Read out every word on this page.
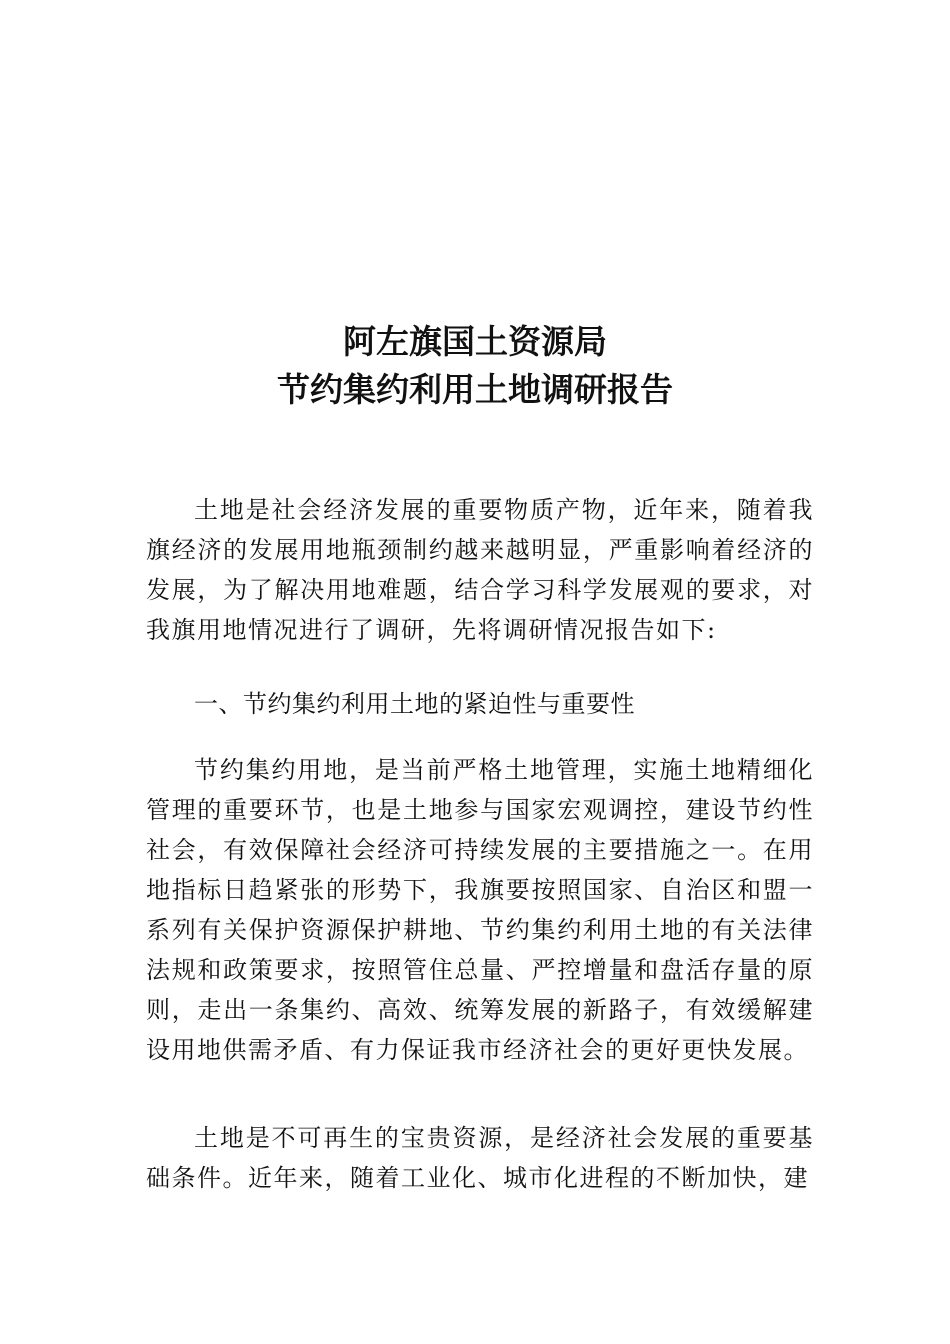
阿左旗国土资源局
节约集约利用土地调研报告

土地是社会经济发展的重要物质产物，近年来，随着我旗经济的发展用地瓶颈制约越来越明显，严重影响着经济的发展，为了解决用地难题，结合学习科学发展观的要求，对我旗用地情况进行了调研，先将调研情况报告如下:

一、节约集约利用土地的紧迫性与重要性

节约集约用地，是当前严格土地管理，实施土地精细化管理的重要环节，也是土地参与国家宏观调控，建设节约性社会，有效保障社会经济可持续发展的主要措施之一。在用地指标日趋紧张的形势下，我旗要按照国家、自治区和盟一系列有关保护资源保护耕地、节约集约利用土地的有关法律法规和政策要求，按照管住总量、严控增量和盘活存量的原则，走出一条集约、高效、统筹发展的新路子，有效缓解建设用地供需矛盾、有力保证我市经济社会的更好更快发展。

土地是不可再生的宝贵资源，是经济社会发展的重要基础条件。近年来，随着工业化、城市化进程的不断加快，建
